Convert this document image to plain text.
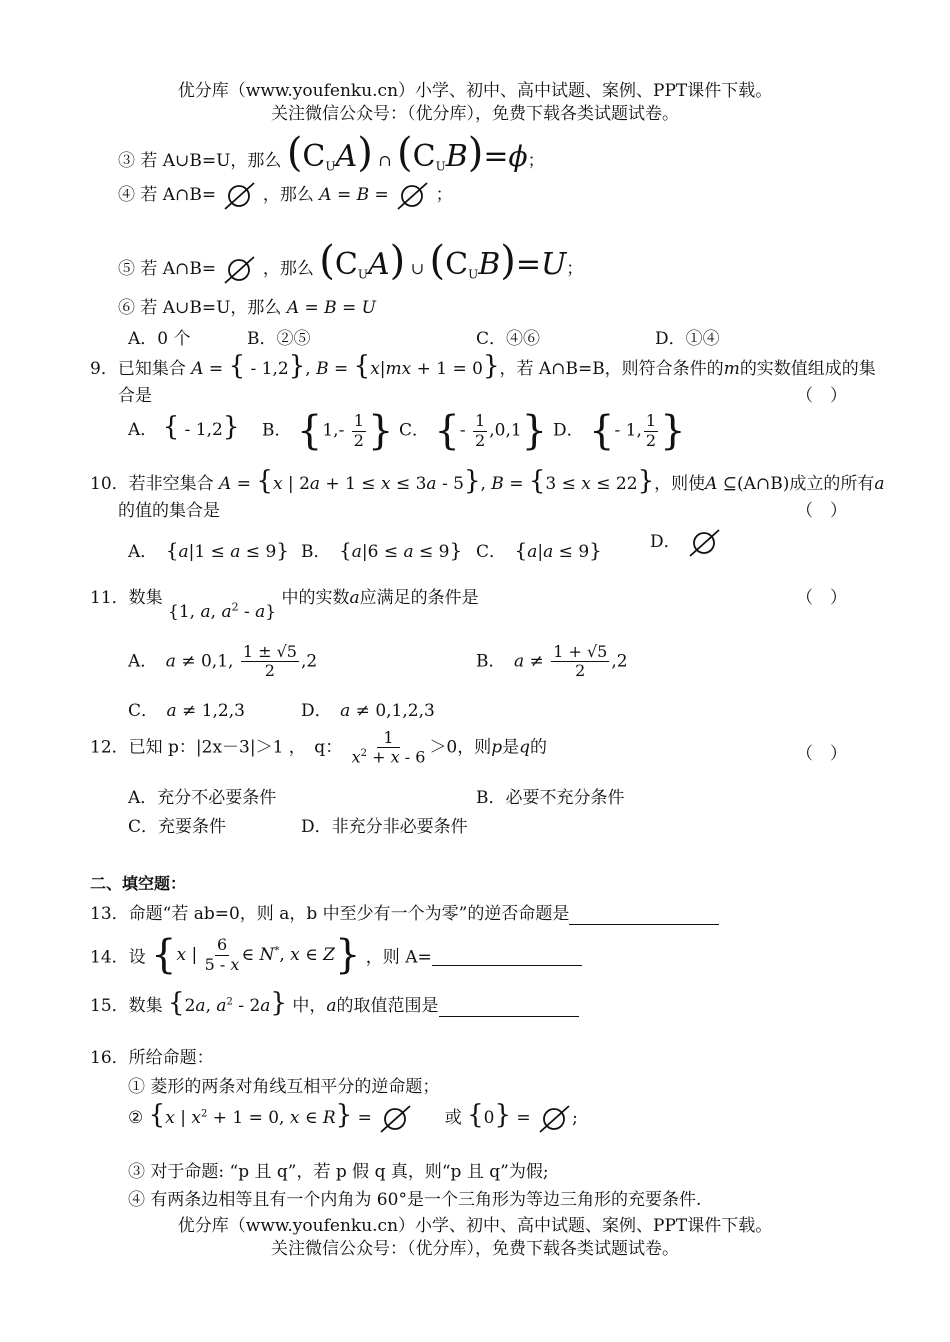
优分库（www.youfenku.cn）小学、初中、高中试题、案例、PPT课件下载。
关注微信公众号：（优分库），免费下载各类试题试卷。
③ 若 A∪B=U，那么 $(C_UA)$ ∩ $(C_UB)=\phi$；
④ 若 A∩B=	，那么 A = B =  ；
⑤ 若 A∩B=	，那么 $(C_UA)$ ∪ $(C_UB)=U$；
⑥ 若 A∪B=U，那么 A = B = U
A．0 个	B．②⑤	C．④⑥	D．①④
9．已知集合 A = { - 1,2}, B = {x|mx + 1 = 0}，若 A∩B=B，则符合条件的m的实数值组成的集
合是	（　）
A． { - 1,2} B． {$1,- \frac{1}{2}$ } C． {- $\frac{1}{2} ,0,1$} D． {- 1, $\frac{1}{2}$ }
10．若非空集合 A = {x | 2a + 1 ≤ x ≤ 3a - 5}, B = {3 ≤ x ≤ 22}，则使A ⊆(A∩B)成立的所有a
的值的集合是	（　）
A．　 {a|1 ≤ a ≤ 9} B．　 {a|6 ≤ a ≤ 9} C．　 {a|a ≤ 9}	D．
11．数集 {1, a, $a^2 - a$} 中的实数a应满足的条件是	（　）
A．　 a ≠ 0,1, $\frac{1 \pm √5}{2} ,2$	B．　 $a \ne \frac{1 + √5}{2} ,2$
C．　 a ≠ 1,2,3	D．　 a ≠ 0,1,2,3
12．已知 p：|2x－3|＞1 ，　q： $\frac{1}{x^2 + x - 6} >0$，则p是q的	（　）
A．充分不必要条件	B．必要不充分条件
C．充要条件	D．非充分非必要条件
二、填空题：
13．命题“若 ab=0，则 a，b 中至少有一个为零”的逆否命题是
14．设 {x | $\frac{6}{5 - x}$ ∈ N*, x ∈ Z} ，则 A=
15．数集 {2a, $a^2 - 2a$} 中，a的取值范围是
16．所给命题：
① 菱形的两条对角线互相平分的逆命题；
② {x | $x^2 + 1 = 0$, x ∈ R} =	或 {0} = ;
③ 对于命题: “p 且 q”，若 p 假 q 真，则“p 且 q”为假;
④ 有两条边相等且有一个内角为 60°是一个三角形为等边三角形的充要条件.
优分库（www.youfenku.cn）小学、初中、高中试题、案例、PPT课件下载。
关注微信公众号：（优分库），免费下载各类试题试卷。
